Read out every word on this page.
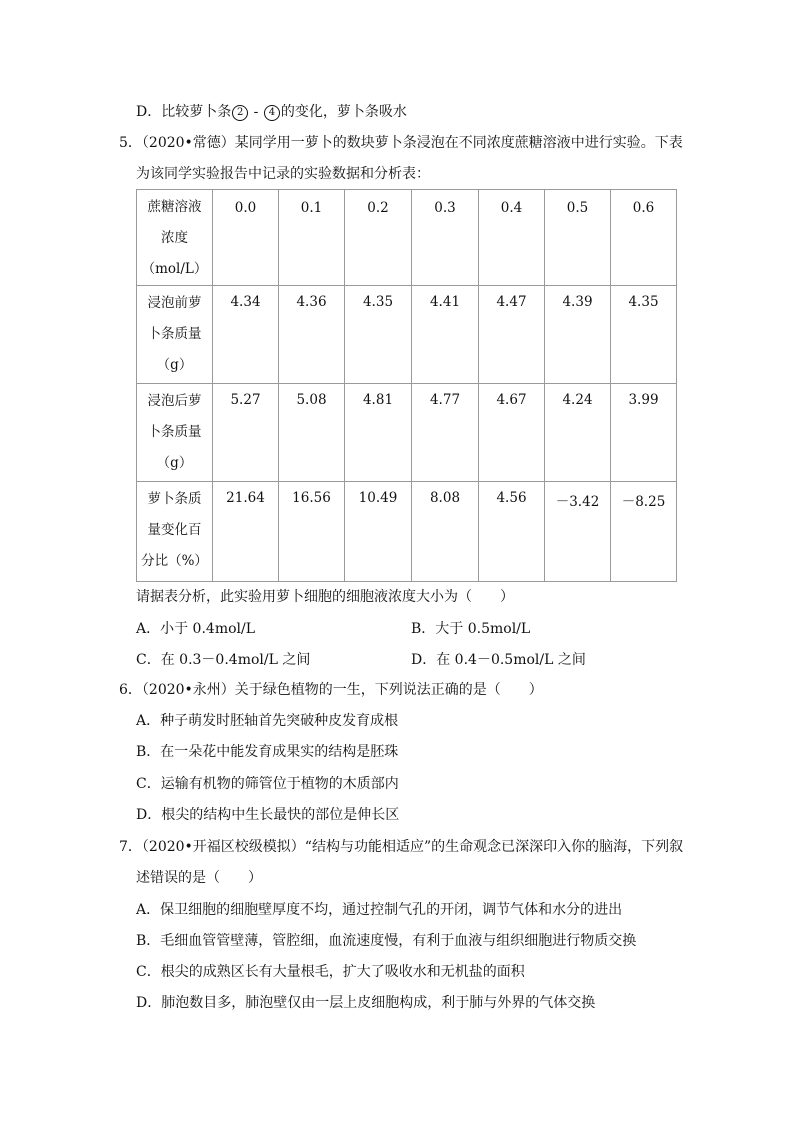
D．比较萝卜条 2 - 4 的变化，萝卜条吸水
5．（2020•常德）某同学用一萝卜的数块萝卜条浸泡在不同浓度蔗糖溶液中进行实验。下表
为该同学实验报告中记录的实验数据和分析表：
蔗糖溶液
浓度
（mol/L）	0.0	0.1	0.2	0.3	0.4	0.5	0.6

浸泡前萝
卜条质量
（g）	4.34	4.36	4.35	4.41	4.47	4.39	4.35

浸泡后萝
卜条质量
（g）	5.27	5.08	4.81	4.77	4.67	4.24	3.99

萝卜条质
量变化百
分比（%）	21.64	16.56	10.49	8.08	4.56	－3.42	－8.25
请据表分析，此实验用萝卜细胞的细胞液浓度大小为（　　）
A．小于 0.4mol/L	B．大于 0.5mol/L
C．在 0.3－0.4mol/L 之间	D．在 0.4－0.5mol/L 之间
6．（2020•永州）关于绿色植物的一生，下列说法正确的是（　　）
A．种子萌发时胚轴首先突破种皮发育成根
B．在一朵花中能发育成果实的结构是胚珠
C．运输有机物的筛管位于植物的木质部内
D．根尖的结构中生长最快的部位是伸长区
7．（2020•开福区校级模拟）“结构与功能相适应”的生命观念已深深印入你的脑海，下列叙
述错误的是（　　）
A．保卫细胞的细胞壁厚度不均，通过控制气孔的开闭，调节气体和水分的进出
B．毛细血管管壁薄，管腔细，血流速度慢，有利于血液与组织细胞进行物质交换
C．根尖的成熟区长有大量根毛，扩大了吸收水和无机盐的面积
D．肺泡数目多，肺泡壁仅由一层上皮细胞构成，利于肺与外界的气体交换
